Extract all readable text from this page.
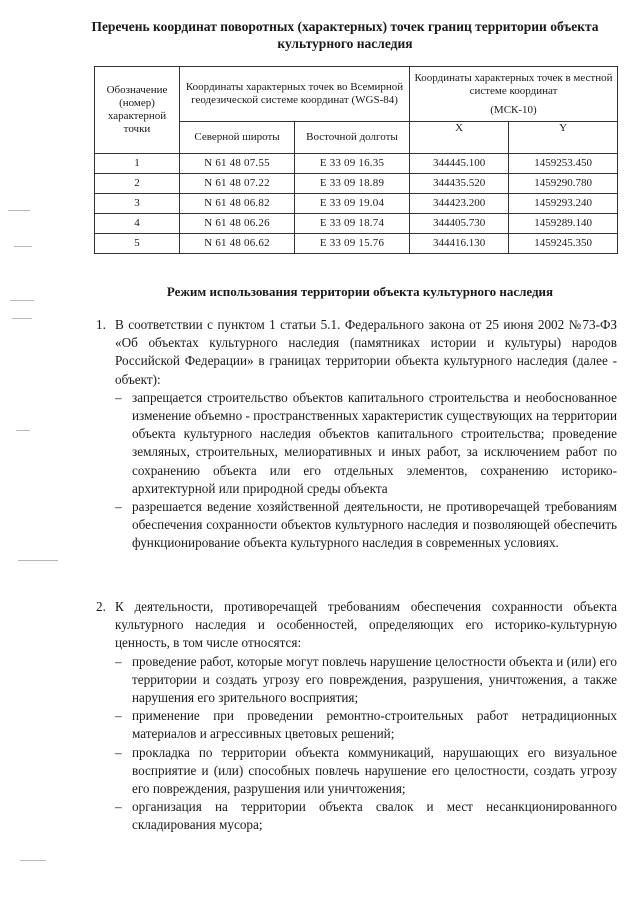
Перечень координат поворотных (характерных) точек границ территории объекта культурного наследия
Обозначение (номер) характерной точки	Координаты характерных точек во Всемирной геодезической системе координат (WGS-84)		Координаты характерных точек в местной системе координат
(МСК-10)	

	Северной широты	Восточной долготы	X	Y
1	N 61 48 07.55	E 33 09 16.35	344445.100	1459253.450
2	N 61 48 07.22	E 33 09 18.89	344435.520	1459290.780
3	N 61 48 06.82	E 33 09 19.04	344423.200	1459293.240
4	N 61 48 06.26	E 33 09 18.74	344405.730	1459289.140
5	N 61 48 06.62	E 33 09 15.76	344416.130	1459245.350
Режим использования территории объекта культурного наследия
1. В соответствии с пунктом 1 статьи 5.1. Федерального закона от 25 июня 2002 №73-ФЗ «Об объектах культурного наследия (памятниках истории и культуры) народов Российской Федерации» в границах территории объекта культурного наследия (далее - объект):
– запрещается строительство объектов капитального строительства и необоснованное изменение объемно - пространственных характеристик существующих на территории объекта культурного наследия объектов капитального строительства; проведение земляных, строительных, мелиоративных и иных работ, за исключением работ по сохранению объекта или его отдельных элементов, сохранению историко-архитектурной или природной среды объекта
– разрешается ведение хозяйственной деятельности, не противоречащей требованиям обеспечения сохранности объектов культурного наследия и позволяющей обеспечить функционирование объекта культурного наследия в современных условиях.
2. К деятельности, противоречащей требованиям обеспечения сохранности объекта культурного наследия и особенностей, определяющих его историко-культурную ценность, в том числе относятся:
– проведение работ, которые могут повлечь нарушение целостности объекта и (или) его территории и создать угрозу его повреждения, разрушения, уничтожения, а также нарушения его зрительного восприятия;
– применение при проведении ремонтно-строительных работ нетрадиционных материалов и агрессивных цветовых решений;
– прокладка по территории объекта коммуникаций, нарушающих его визуальное восприятие и (или) способных повлечь нарушение его целостности, создать угрозу его повреждения, разрушения или уничтожения;
– организация на территории объекта свалок и мест несанкционированного складирования мусора;
